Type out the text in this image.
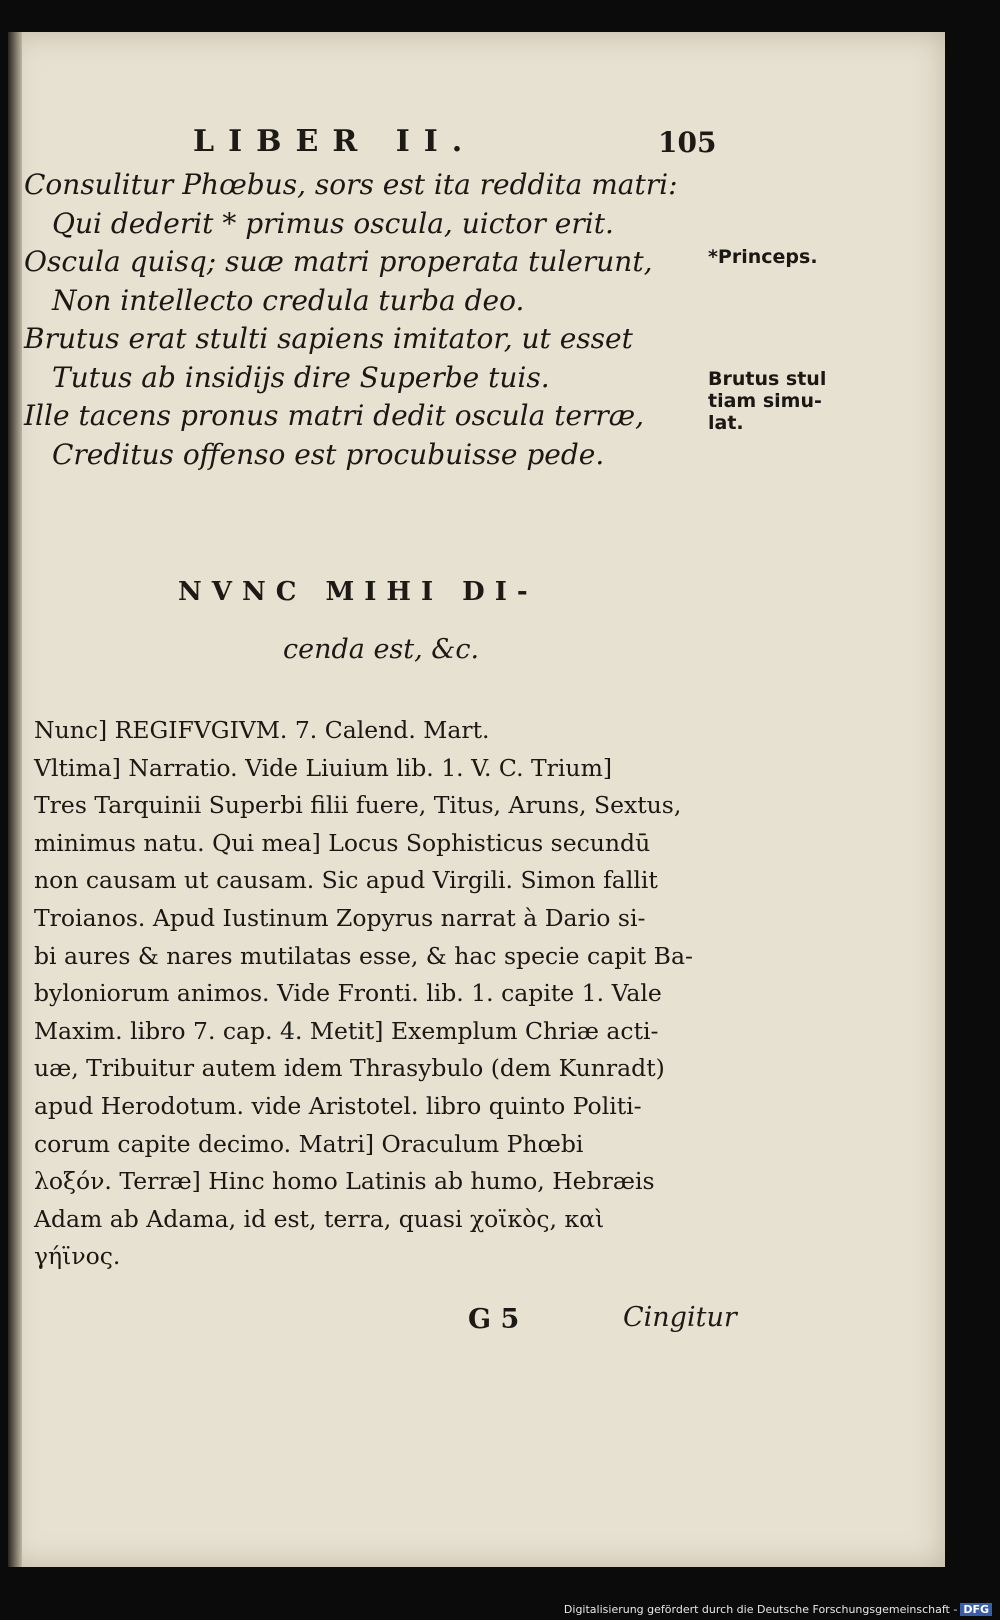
LIBER II.	105
Consulitur Phœbus, sors est ita reddita matri:
Qui dederit * primus oscula, uictor erit.
Oscula quisq; suæ matri properata tulerunt,
Non intellecto credula turba deo.
Brutus erat stulti sapiens imitator, ut esset
Tutus ab insidijs dire Superbe tuis.
Ille tacens pronus matri dedit oscula terræ,
Creditus offenso est procubuisse pede.
*Princeps.
Brutus stul
tiam simu-
lat.
NVNC MIHI DI-
cenda est, &c.
Nunc] REGIFVGIVM. 7. Calend. Mart.
Vltima] Narratio. Vide Liuium lib. 1. V. C. Trium]
Tres Tarquinii Superbi filii fuere, Titus, Aruns, Sextus,
minimus natu. Qui mea] Locus Sophisticus secundū
non causam ut causam. Sic apud Virgili. Simon fallit
Troianos. Apud Iustinum Zopyrus narrat à Dario si-
bi aures & nares mutilatas esse, & hac specie capit Ba-
byloniorum animos. Vide Fronti. lib. 1. capite 1. Vale
Maxim. libro 7. cap. 4. Metit] Exemplum Chriæ acti-
uæ, Tribuitur autem idem Thrasybulo (dem Kunradt)
apud Herodotum. vide Aristotel. libro quinto Politi-
corum capite decimo. Matri] Oraculum Phœbi
λοξόν. Terræ] Hinc homo Latinis ab humo, Hebræis
Adam ab Adama, id est, terra, quasi χοϊκὸς, καὶ
γήϊνος.
G 5	Cingitur
Digitalisierung gefördert durch die Deutsche Forschungsgemeinschaft - DFG
